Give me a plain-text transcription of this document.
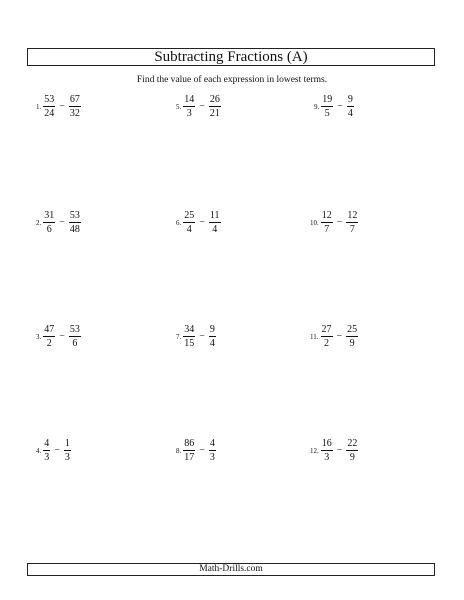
Subtracting Fractions (A)
Find the value of each expression in lowest terms.
1. $\frac{53}{24} - \frac{67}{32}$
2. $\frac{31}{6} - \frac{53}{48}$
3. $\frac{47}{2} - \frac{53}{6}$
4. $\frac{4}{3} - \frac{1}{3}$
5. $\frac{14}{3} - \frac{26}{21}$
6. $\frac{25}{4} - \frac{11}{4}$
7. $\frac{34}{15} - \frac{9}{4}$
8. $\frac{86}{17} - \frac{4}{3}$
9. $\frac{19}{5} - \frac{9}{4}$
10. $\frac{12}{7} - \frac{12}{7}$
11. $\frac{27}{2} - \frac{25}{9}$
12. $\frac{16}{3} - \frac{22}{9}$
Math-Drills.com
